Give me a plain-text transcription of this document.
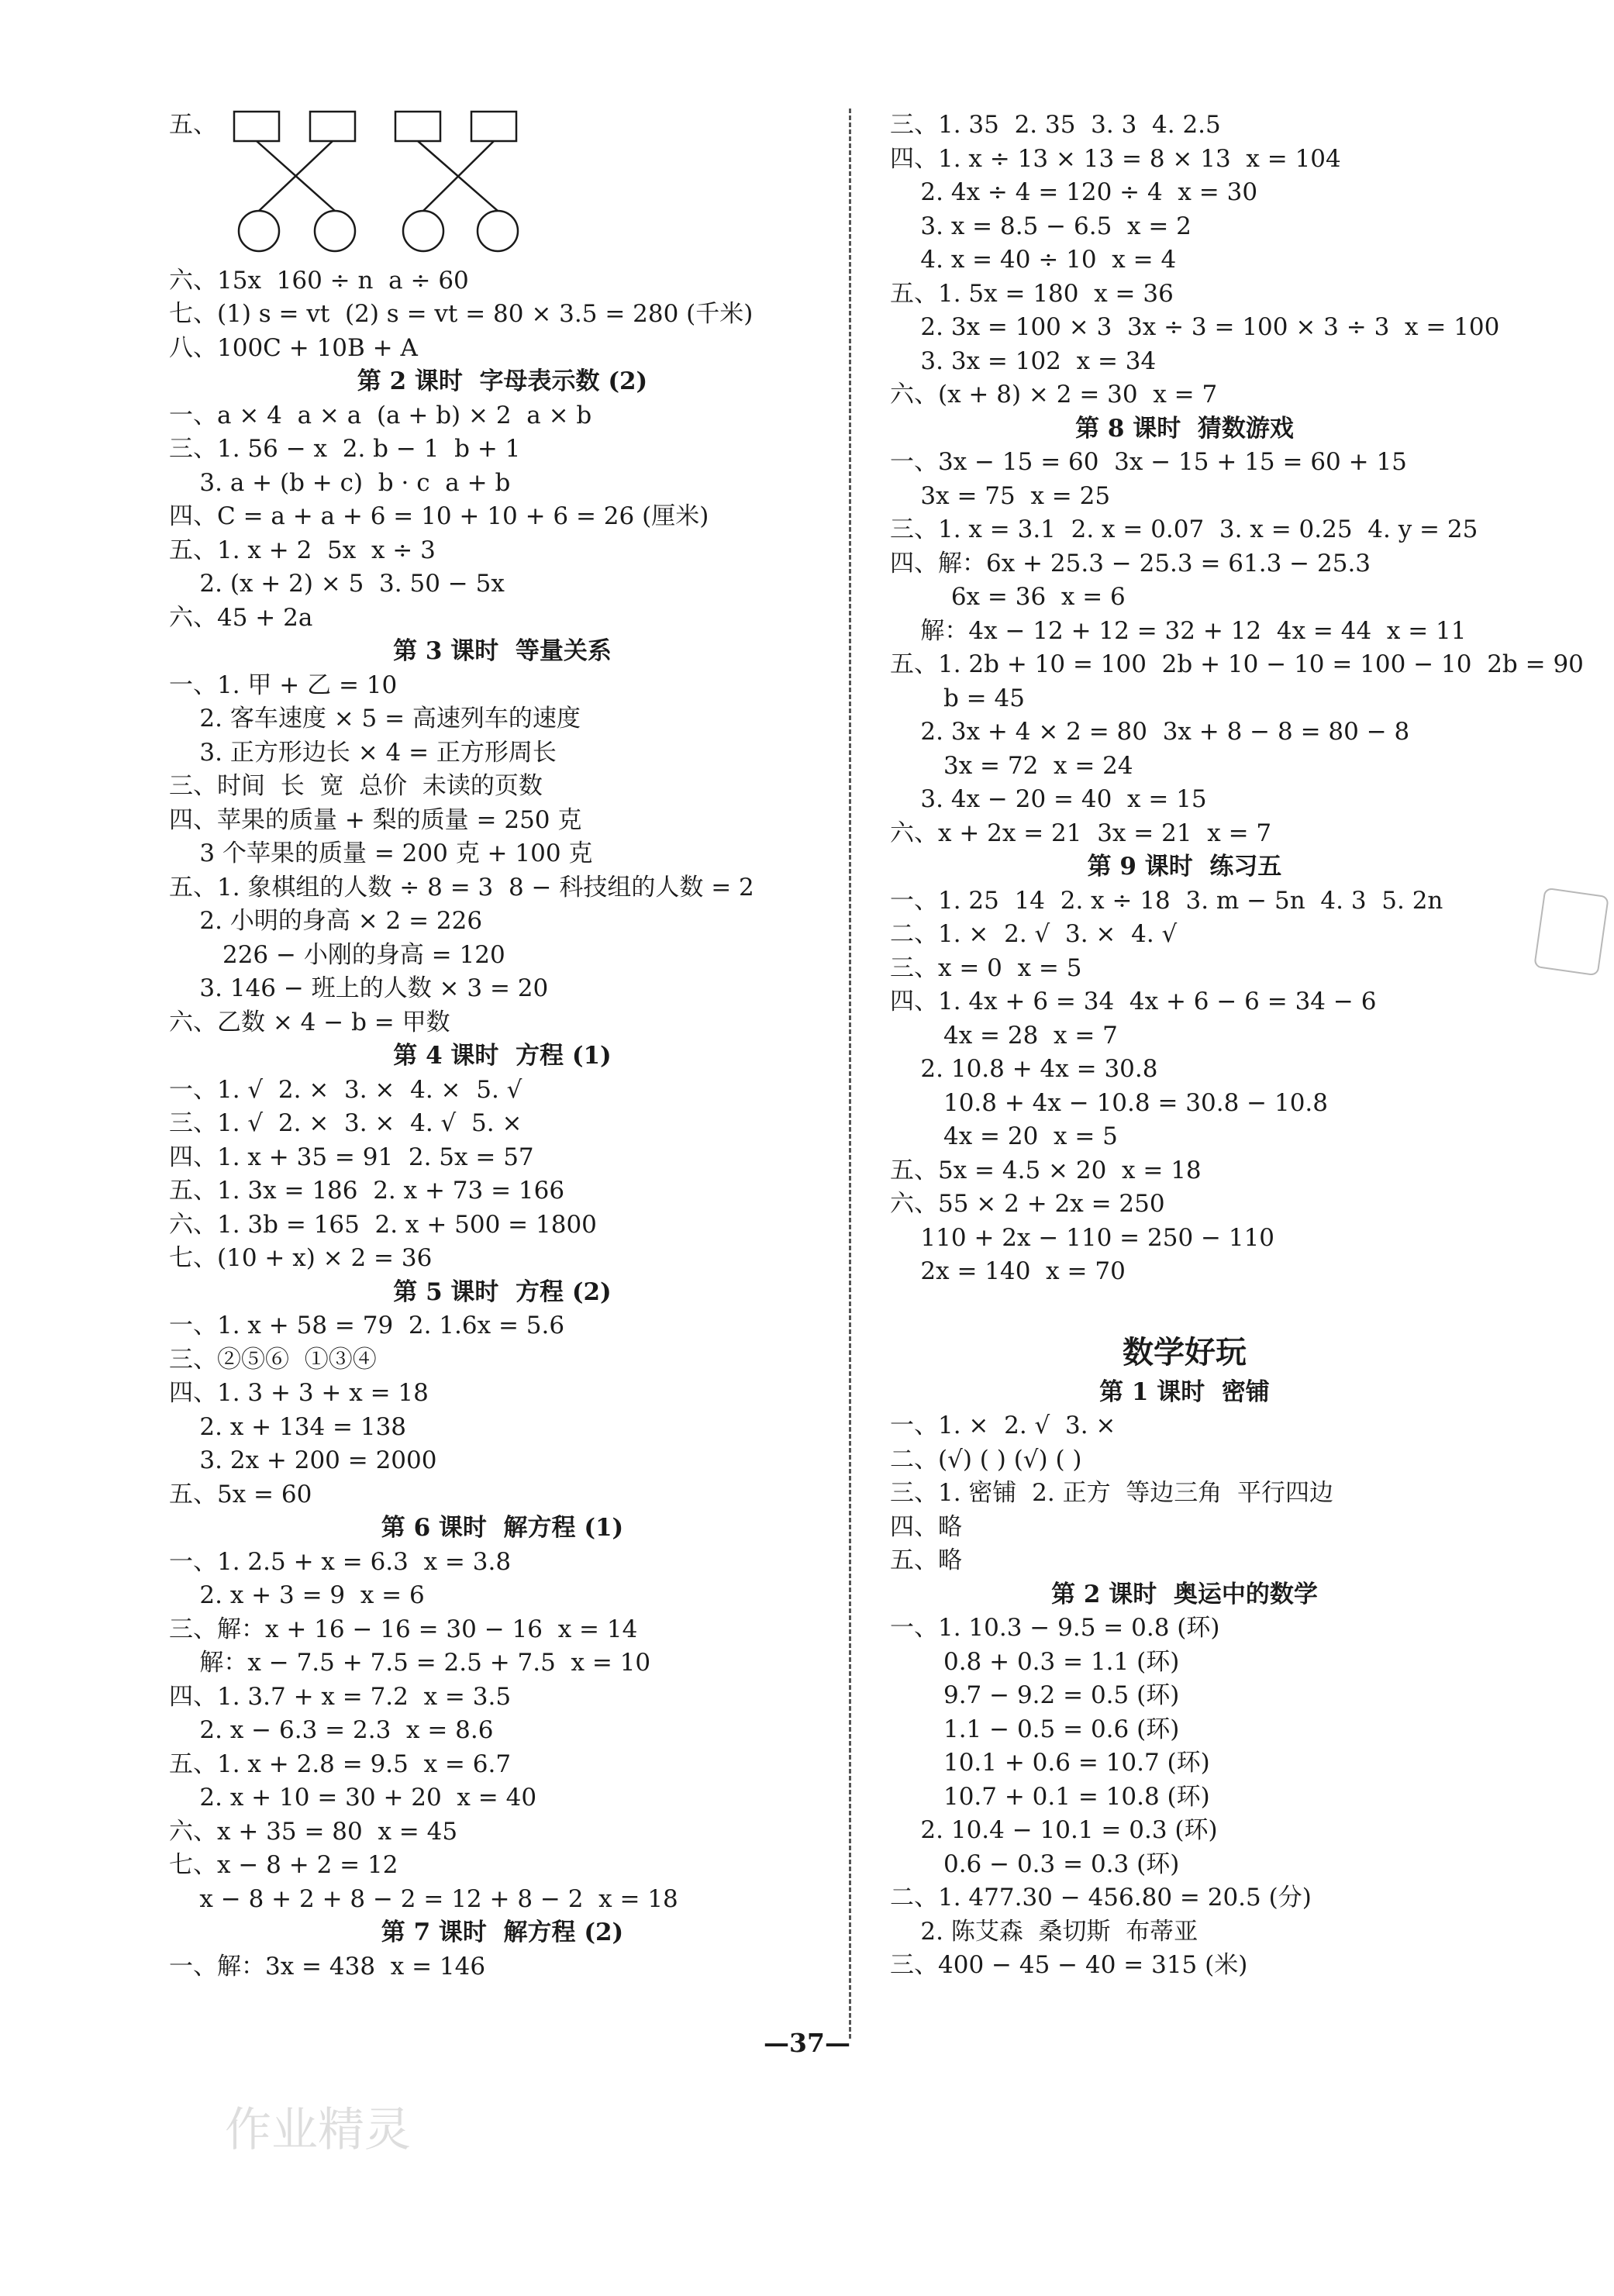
五、
六、15x  160 ÷ n  a ÷ 60
七、(1) s = vt  (2) s = vt = 80 × 3.5 = 280 (千米)
八、100C + 10B + A
第 2 课时  字母表示数 (2)
一、a × 4  a × a  (a + b) × 2  a × b
三、1. 56 − x  2. b − 1  b + 1
3. a + (b + c)  b · c  a + b
四、C = a + a + 6 = 10 + 10 + 6 = 26 (厘米)
五、1. x + 2  5x  x ÷ 3
2. (x + 2) × 5  3. 50 − 5x
六、45 + 2a
第 3 课时  等量关系
一、1. 甲 + 乙 = 10
2. 客车速度 × 5 = 高速列车的速度
3. 正方形边长 × 4 = 正方形周长
三、时间  长  宽  总价  未读的页数
四、苹果的质量 + 梨的质量 = 250 克
3 个苹果的质量 = 200 克 + 100 克
五、1. 象棋组的人数 ÷ 8 = 3  8 − 科技组的人数 = 2
2. 小明的身高 × 2 = 226
226 − 小刚的身高 = 120
3. 146 − 班上的人数 × 3 = 20
六、乙数 × 4 − b = 甲数
第 4 课时  方程 (1)
一、1. √  2. ×  3. ×  4. ×  5. √
三、1. √  2. ×  3. ×  4. √  5. ×
四、1. x + 35 = 91  2. 5x = 57
五、1. 3x = 186  2. x + 73 = 166
六、1. 3b = 165  2. x + 500 = 1800
七、(10 + x) × 2 = 36
第 5 课时  方程 (2)
一、1. x + 58 = 79  2. 1.6x = 5.6
三、②⑤⑥  ①③④
四、1. 3 + 3 + x = 18
2. x + 134 = 138
3. 2x + 200 = 2000
五、5x = 60
第 6 课时  解方程 (1)
一、1. 2.5 + x = 6.3  x = 3.8
2. x + 3 = 9  x = 6
三、解：x + 16 − 16 = 30 − 16  x = 14
解：x − 7.5 + 7.5 = 2.5 + 7.5  x = 10
四、1. 3.7 + x = 7.2  x = 3.5
2. x − 6.3 = 2.3  x = 8.6
五、1. x + 2.8 = 9.5  x = 6.7
2. x + 10 = 30 + 20  x = 40
六、x + 35 = 80  x = 45
七、x − 8 + 2 = 12
x − 8 + 2 + 8 − 2 = 12 + 8 − 2  x = 18
第 7 课时  解方程 (2)
一、解：3x = 438  x = 146
三、1. 35  2. 35  3. 3  4. 2.5
四、1. x ÷ 13 × 13 = 8 × 13  x = 104
2. 4x ÷ 4 = 120 ÷ 4  x = 30
3. x = 8.5 − 6.5  x = 2
4. x = 40 ÷ 10  x = 4
五、1. 5x = 180  x = 36
2. 3x = 100 × 3  3x ÷ 3 = 100 × 3 ÷ 3  x = 100
3. 3x = 102  x = 34
六、(x + 8) × 2 = 30  x = 7
第 8 课时  猜数游戏
一、3x − 15 = 60  3x − 15 + 15 = 60 + 15
3x = 75  x = 25
三、1. x = 3.1  2. x = 0.07  3. x = 0.25  4. y = 25
四、解：6x + 25.3 − 25.3 = 61.3 − 25.3
6x = 36  x = 6
解：4x − 12 + 12 = 32 + 12  4x = 44  x = 11
五、1. 2b + 10 = 100  2b + 10 − 10 = 100 − 10  2b = 90
b = 45
2. 3x + 4 × 2 = 80  3x + 8 − 8 = 80 − 8
3x = 72  x = 24
3. 4x − 20 = 40  x = 15
六、x + 2x = 21  3x = 21  x = 7
第 9 课时  练习五
一、1. 25  14  2. x ÷ 18  3. m − 5n  4. 3  5. 2n
二、1. ×  2. √  3. ×  4. √
三、x = 0  x = 5
四、1. 4x + 6 = 34  4x + 6 − 6 = 34 − 6
4x = 28  x = 7
2. 10.8 + 4x = 30.8
10.8 + 4x − 10.8 = 30.8 − 10.8
4x = 20  x = 5
五、5x = 4.5 × 20  x = 18
六、55 × 2 + 2x = 250
110 + 2x − 110 = 250 − 110
2x = 140  x = 70
数学好玩
第 1 课时  密铺
一、1. ×  2. √  3. ×
二、(√) ( ) (√) ( )
三、1. 密铺  2. 正方  等边三角  平行四边
四、略
五、略
第 2 课时  奥运中的数学
一、1. 10.3 − 9.5 = 0.8 (环)
0.8 + 0.3 = 1.1 (环)
9.7 − 9.2 = 0.5 (环)
1.1 − 0.5 = 0.6 (环)
10.1 + 0.6 = 10.7 (环)
10.7 + 0.1 = 10.8 (环)
2. 10.4 − 10.1 = 0.3 (环)
0.6 − 0.3 = 0.3 (环)
二、1. 477.30 − 456.80 = 20.5 (分)
2. 陈艾森  桑切斯  布蒂亚
三、400 − 45 − 40 = 315 (米)
—37—
作业精灵
